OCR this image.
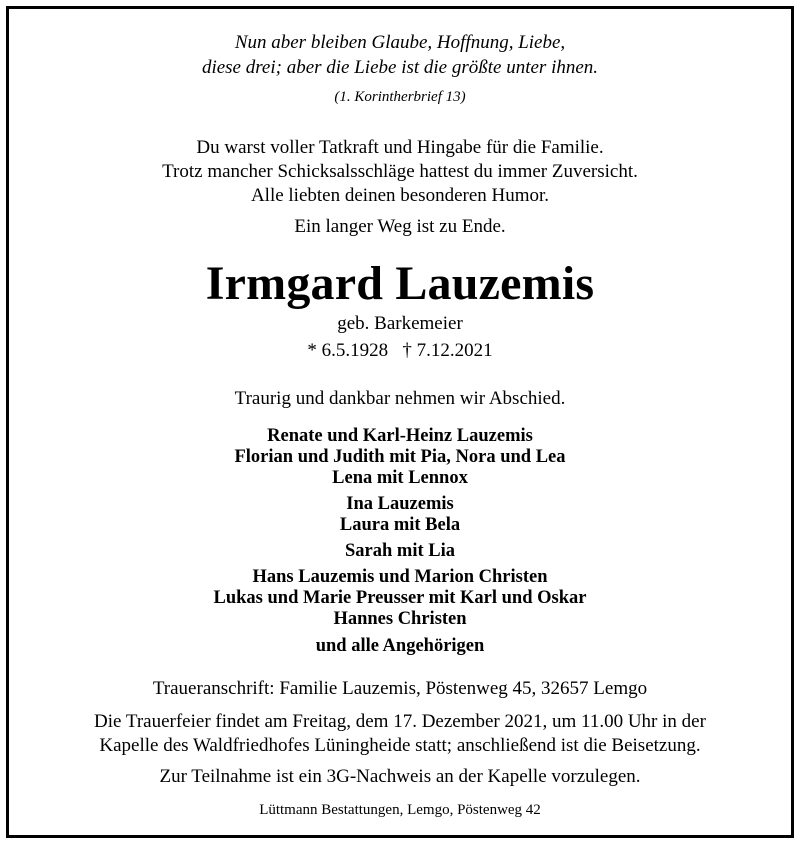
Nun aber bleiben Glaube, Hoffnung, Liebe,
diese drei; aber die Liebe ist die größte unter ihnen.
(1. Korintherbrief 13)
Du warst voller Tatkraft und Hingabe für die Familie.
Trotz mancher Schicksalsschläge hattest du immer Zuversicht.
Alle liebten deinen besonderen Humor.
Ein langer Weg ist zu Ende.
Irmgard Lauzemis
geb. Barkemeier
* 6.5.1928   † 7.12.2021
Traurig und dankbar nehmen wir Abschied.
Renate und Karl-Heinz Lauzemis
Florian und Judith mit Pia, Nora und Lea
Lena mit Lennox
Ina Lauzemis
Laura mit Bela
Sarah mit Lia
Hans Lauzemis und Marion Christen
Lukas und Marie Preusser mit Karl und Oskar
Hannes Christen
und alle Angehörigen
Traueranschrift: Familie Lauzemis, Pöstenweg 45, 32657 Lemgo
Die Trauerfeier findet am Freitag, dem 17. Dezember 2021, um 11.00 Uhr in der
Kapelle des Waldfriedhofes Lüningheide statt; anschließend ist die Beisetzung.
Zur Teilnahme ist ein 3G-Nachweis an der Kapelle vorzulegen.
Lüttmann Bestattungen, Lemgo, Pöstenweg 42
